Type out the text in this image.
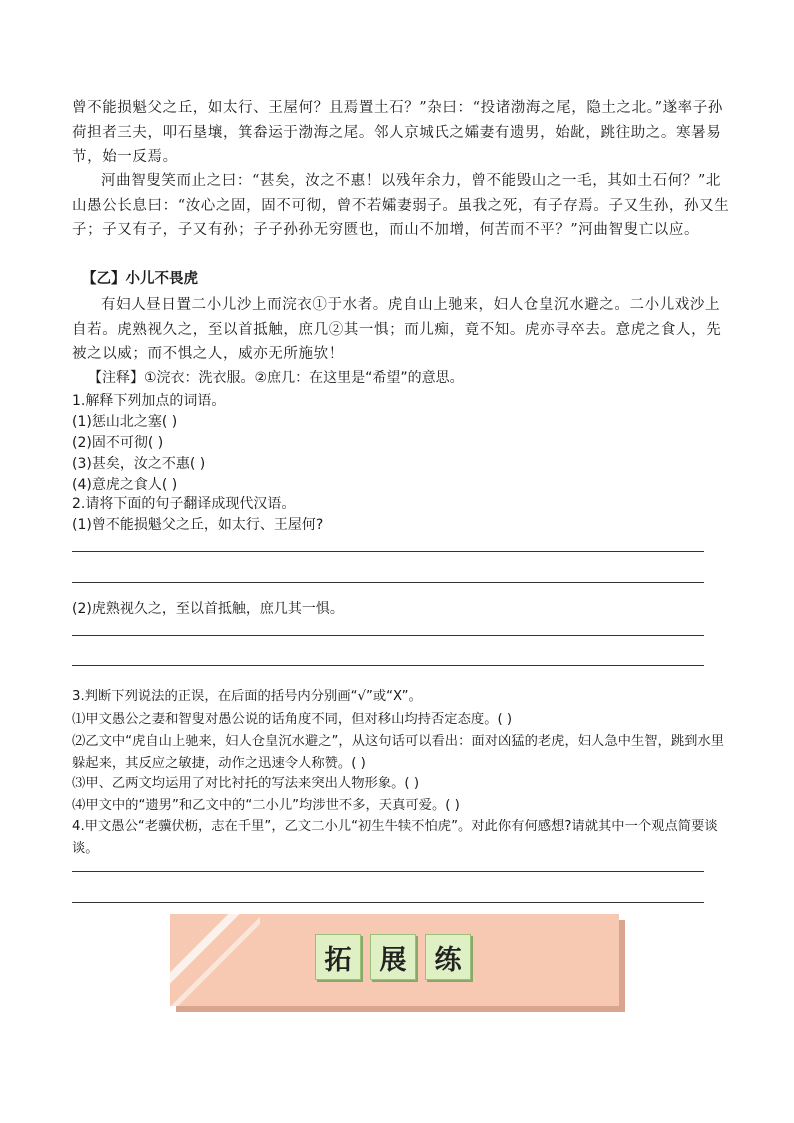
曾不能损魁父之丘，如太行、王屋何？且焉置土石？”杂曰：“投诸渤海之尾，隐土之北。”遂率子孙荷担者三夫，叩石垦壤，箕畚运于渤海之尾。邻人京城氏之孀妻有遗男，始龀，跳往助之。寒暑易节，始一反焉。

河曲智叟笑而止之曰：“甚矣，汝之不惠！以残年余力，曾不能毁山之一毛，其如土石何？”北山愚公长息曰：“汝心之固，固不可彻，曾不若孀妻弱子。虽我之死，有子存焉。子又生孙，孙又生子；子又有子，子又有孙；子子孙孙无穷匮也，而山不加增，何苦而不平？”河曲智叟亡以应。

【乙】小儿不畏虎

有妇人昼日置二小儿沙上而浣衣①于水者。虎自山上驰来，妇人仓皇沉水避之。二小儿戏沙上自若。虎熟视久之，至以首抵触，庶几②其一惧；而儿痴，竟不知。虎亦寻卒去。意虎之食人，先被之以威；而不惧之人，威亦无所施欤！

【注释】①浣衣：洗衣服。②庶几：在这里是“希望”的意思。

1.解释下列加点的词语。

(1)惩山北之塞( )

(2)固不可彻( )

(3)甚矣，汝之不惠( )

(4)意虎之食人( )

2.请将下面的句子翻译成现代汉语。

(1)曾不能损魁父之丘，如太行、王屋何?

(2)虎熟视久之，至以首抵触，庶几其一惧。

3.判断下列说法的正误，在后面的括号内分别画“√”或“X”。

⑴甲文愚公之妻和智叟对愚公说的话角度不同，但对移山均持否定态度。( )

⑵乙文中“虎自山上驰来，妇人仓皇沉水避之”，从这句话可以看出：面对凶猛的老虎，妇人急中生智，跳到水里躲起来，其反应之敏捷，动作之迅速令人称赞。( )

⑶甲、乙两文均运用了对比衬托的写法来突出人物形象。( )

⑷甲文中的“遗男”和乙文中的“二小儿”均涉世不多，天真可爱。( )

4.甲文愚公“老骥伏枥，志在千里”，乙文二小儿“初生牛犊不怕虎”。对此你有何感想?请就其中一个观点简要谈谈。

拓	展	练
